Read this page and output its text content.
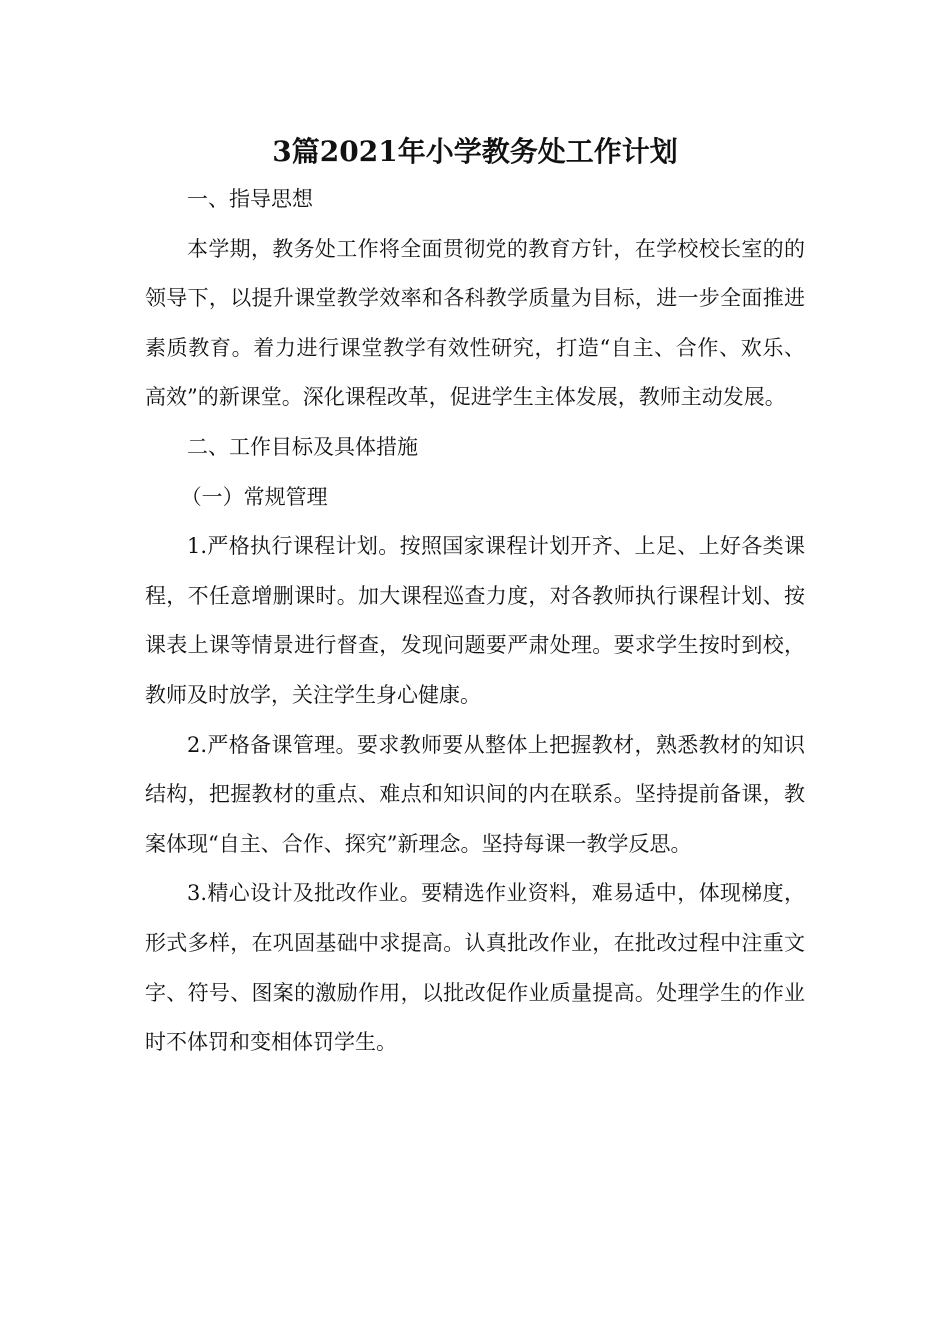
3篇2021年小学教务处工作计划

一、指导思想

本学期，教务处工作将全面贯彻党的教育方针，在学校校长室的的领导下，以提升课堂教学效率和各科教学质量为目标，进一步全面推进素质教育。着力进行课堂教学有效性研究，打造“自主、合作、欢乐、高效”的新课堂。深化课程改革，促进学生主体发展，教师主动发展。

二、工作目标及具体措施

（一）常规管理

1.严格执行课程计划。按照国家课程计划开齐、上足、上好各类课程，不任意增删课时。加大课程巡查力度，对各教师执行课程计划、按课表上课等情景进行督查，发现问题要严肃处理。要求学生按时到校，教师及时放学，关注学生身心健康。

2.严格备课管理。要求教师要从整体上把握教材，熟悉教材的知识结构，把握教材的重点、难点和知识间的内在联系。坚持提前备课，教案体现“自主、合作、探究”新理念。坚持每课一教学反思。

3.精心设计及批改作业。要精选作业资料，难易适中，体现梯度，形式多样，在巩固基础中求提高。认真批改作业，在批改过程中注重文字、符号、图案的激励作用，以批改促作业质量提高。处理学生的作业时不体罚和变相体罚学生。
